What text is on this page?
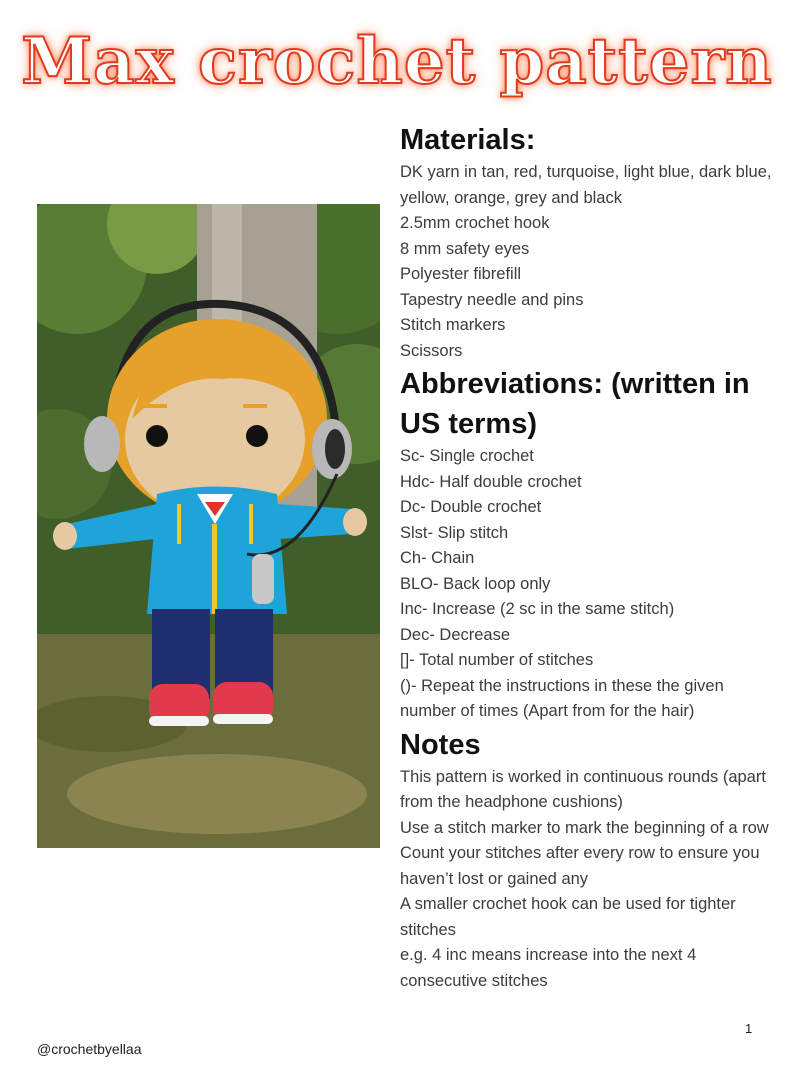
Max crochet pattern
Materials:

DK yarn in tan, red, turquoise, light blue, dark blue,

yellow, orange, grey and black

2.5mm crochet hook

8 mm safety eyes

Polyester fibrefill

Tapestry needle and pins

Stitch markers

Scissors

Abbreviations: (written in
US terms)

Sc- Single crochet

Hdc- Half double crochet

Dc- Double crochet

Slst- Slip stitch

Ch- Chain

BLO- Back loop only

Inc- Increase (2 sc in the same stitch)

Dec- Decrease

[]- Total number of stitches

()- Repeat the instructions in these the given

number of times (Apart from for the hair)

Notes

This pattern is worked in continuous rounds (apart

from the headphone cushions)

Use a stitch marker to mark the beginning of a row

Count your stitches after every row to ensure you

haven’t lost or gained any

A smaller crochet hook can be used for tighter

stitches

e.g. 4 inc means increase into the next 4

consecutive stitches

1
@crochetbyellaa
